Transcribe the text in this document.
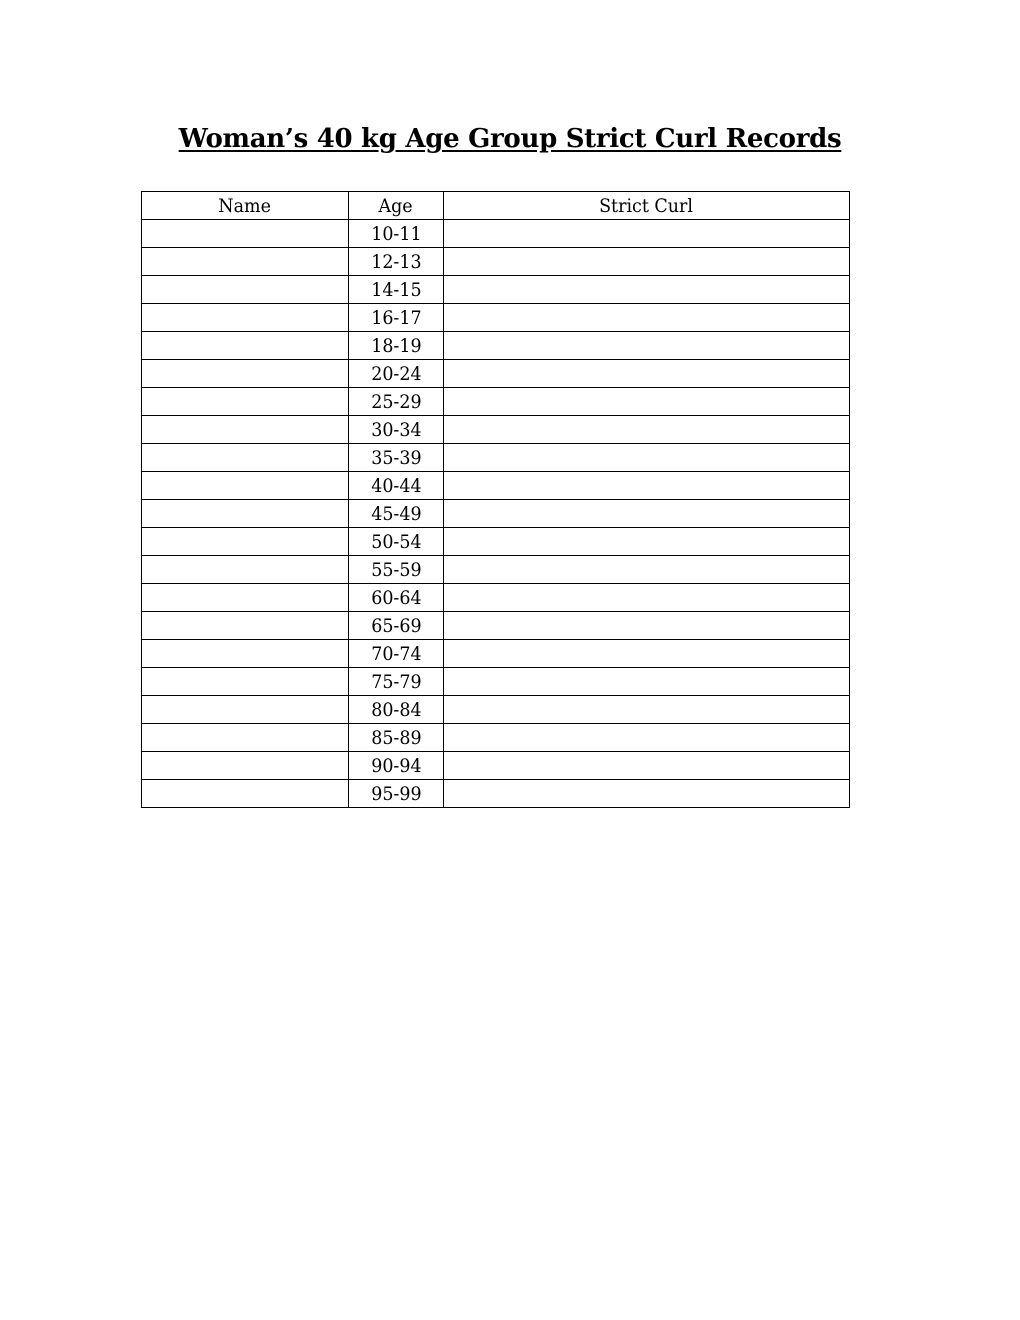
Woman’s 40 kg Age Group Strict Curl Records
Name	Age	Strict Curl
	10-11	
	12-13	
	14-15	
	16-17	
	18-19	
	20-24	
	25-29	
	30-34	
	35-39	
	40-44	
	45-49	
	50-54	
	55-59	
	60-64	
	65-69	
	70-74	
	75-79	
	80-84	
	85-89	
	90-94	
	95-99	
